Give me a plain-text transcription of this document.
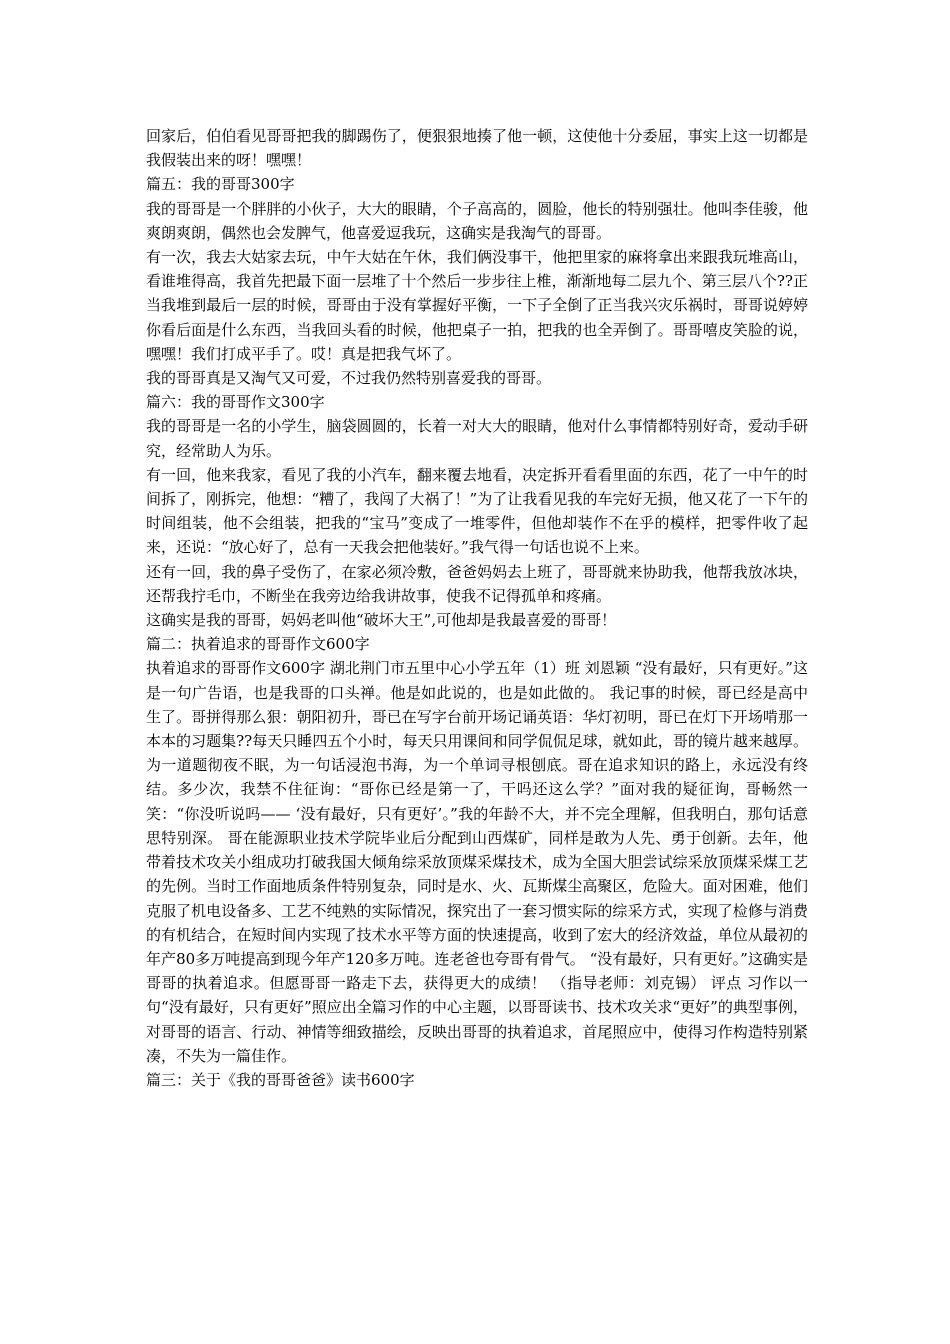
回家后，伯伯看见哥哥把我的脚踢伤了，便狠狠地揍了他一顿，这使他十分委屈，事实上这一切都是我假装出来的呀！嘿嘿！

篇五：我的哥哥300字

我的哥哥是一个胖胖的小伙子，大大的眼睛，个子高高的，圆脸，他长的特别强壮。他叫李佳骏，他爽朗爽朗，偶然也会发脾气，他喜爱逗我玩，这确实是我淘气的哥哥。

有一次，我去大姑家去玩，中午大姑在午休，我们俩没事干，他把里家的麻将拿出来跟我玩堆高山，看谁堆得高，我首先把最下面一层堆了十个然后一步步往上椎，渐渐地每二层九个、第三层八个??正当我堆到最后一层的时候，哥哥由于没有掌握好平衡，一下子全倒了正当我兴灾乐祸时，哥哥说婷婷你看后面是什么东西，当我回头看的时候，他把桌子一拍，把我的也全弄倒了。哥哥嘻皮笑脸的说，嘿嘿！我们打成平手了。哎！真是把我气坏了。

我的哥哥真是又淘气又可爱，不过我仍然特别喜爱我的哥哥。

篇六：我的哥哥作文300字

我的哥哥是一名的小学生，脑袋圆圆的，长着一对大大的眼睛，他对什么事情都特别好奇，爱动手研究，经常助人为乐。

有一回，他来我家，看见了我的小汽车，翻来覆去地看，决定拆开看看里面的东西，花了一中午的时间拆了，刚拆完，他想：“糟了，我闯了大祸了！”为了让我看见我的车完好无损，他又花了一下午的时间组装，他不会组装，把我的“宝马”变成了一堆零件，但他却装作不在乎的模样，把零件收了起来，还说：“放心好了，总有一天我会把他装好。”我气得一句话也说不上来。

还有一回，我的鼻子受伤了，在家必须冷敷，爸爸妈妈去上班了，哥哥就来协助我，他帮我放冰块，还帮我拧毛巾，不断坐在我旁边给我讲故事，使我不记得孤单和疼痛。

这确实是我的哥哥，妈妈老叫他“破坏大王”,可他却是我最喜爱的哥哥！

篇二：执着追求的哥哥作文600字

执着追求的哥哥作文600字 湖北荆门市五里中心小学五年（1）班 刘恩颖 “没有最好，只有更好。”这是一句广告语，也是我哥的口头禅。他是如此说的，也是如此做的。 我记事的时候，哥已经是高中生了。哥拼得那么狠：朝阳初升，哥已在写字台前开场记诵英语：华灯初明，哥已在灯下开场啃那一本本的习题集??每天只睡四五个小时，每天只用课间和同学侃侃足球，就如此，哥的镜片越来越厚。为一道题彻夜不眠，为一句话浸泡书海，为一个单词寻根刨底。哥在追求知识的路上，永远没有终结。多少次，我禁不住征询：“哥你已经是第一了，干吗还这么学？”面对我的疑征询，哥畅然一笑：“你没听说吗—— ‘没有最好，只有更好’。”我的年龄不大，并不完全理解，但我明白，那句话意思特别深。 哥在能源职业技术学院毕业后分配到山西煤矿，同样是敢为人先、勇于创新。去年，他带着技术攻关小组成功打破我国大倾角综采放顶煤采煤技术，成为全国大胆尝试综采放顶煤采煤工艺的先例。当时工作面地质条件特别复杂，同时是水、火、瓦斯煤尘高聚区，危险大。面对困难，他们克服了机电设备多、工艺不纯熟的实际情况，探究出了一套习惯实际的综采方式，实现了检修与消费的有机结合，在短时间内实现了技术水平等方面的快速提高，收到了宏大的经济效益，单位从最初的年产80多万吨提高到现今年产120多万吨。连老爸也夸哥有骨气。 “没有最好，只有更好。”这确实是哥哥的执着追求。但愿哥哥一路走下去，获得更大的成绩！ （指导老师：刘克锡） 评点 习作以一句“没有最好，只有更好”照应出全篇习作的中心主题，以哥哥读书、技术攻关求“更好”的典型事例，对哥哥的语言、行动、神情等细致描绘，反映出哥哥的执着追求，首尾照应中，使得习作构造特别紧凑，不失为一篇佳作。

篇三：关于《我的哥哥爸爸》读书600字
